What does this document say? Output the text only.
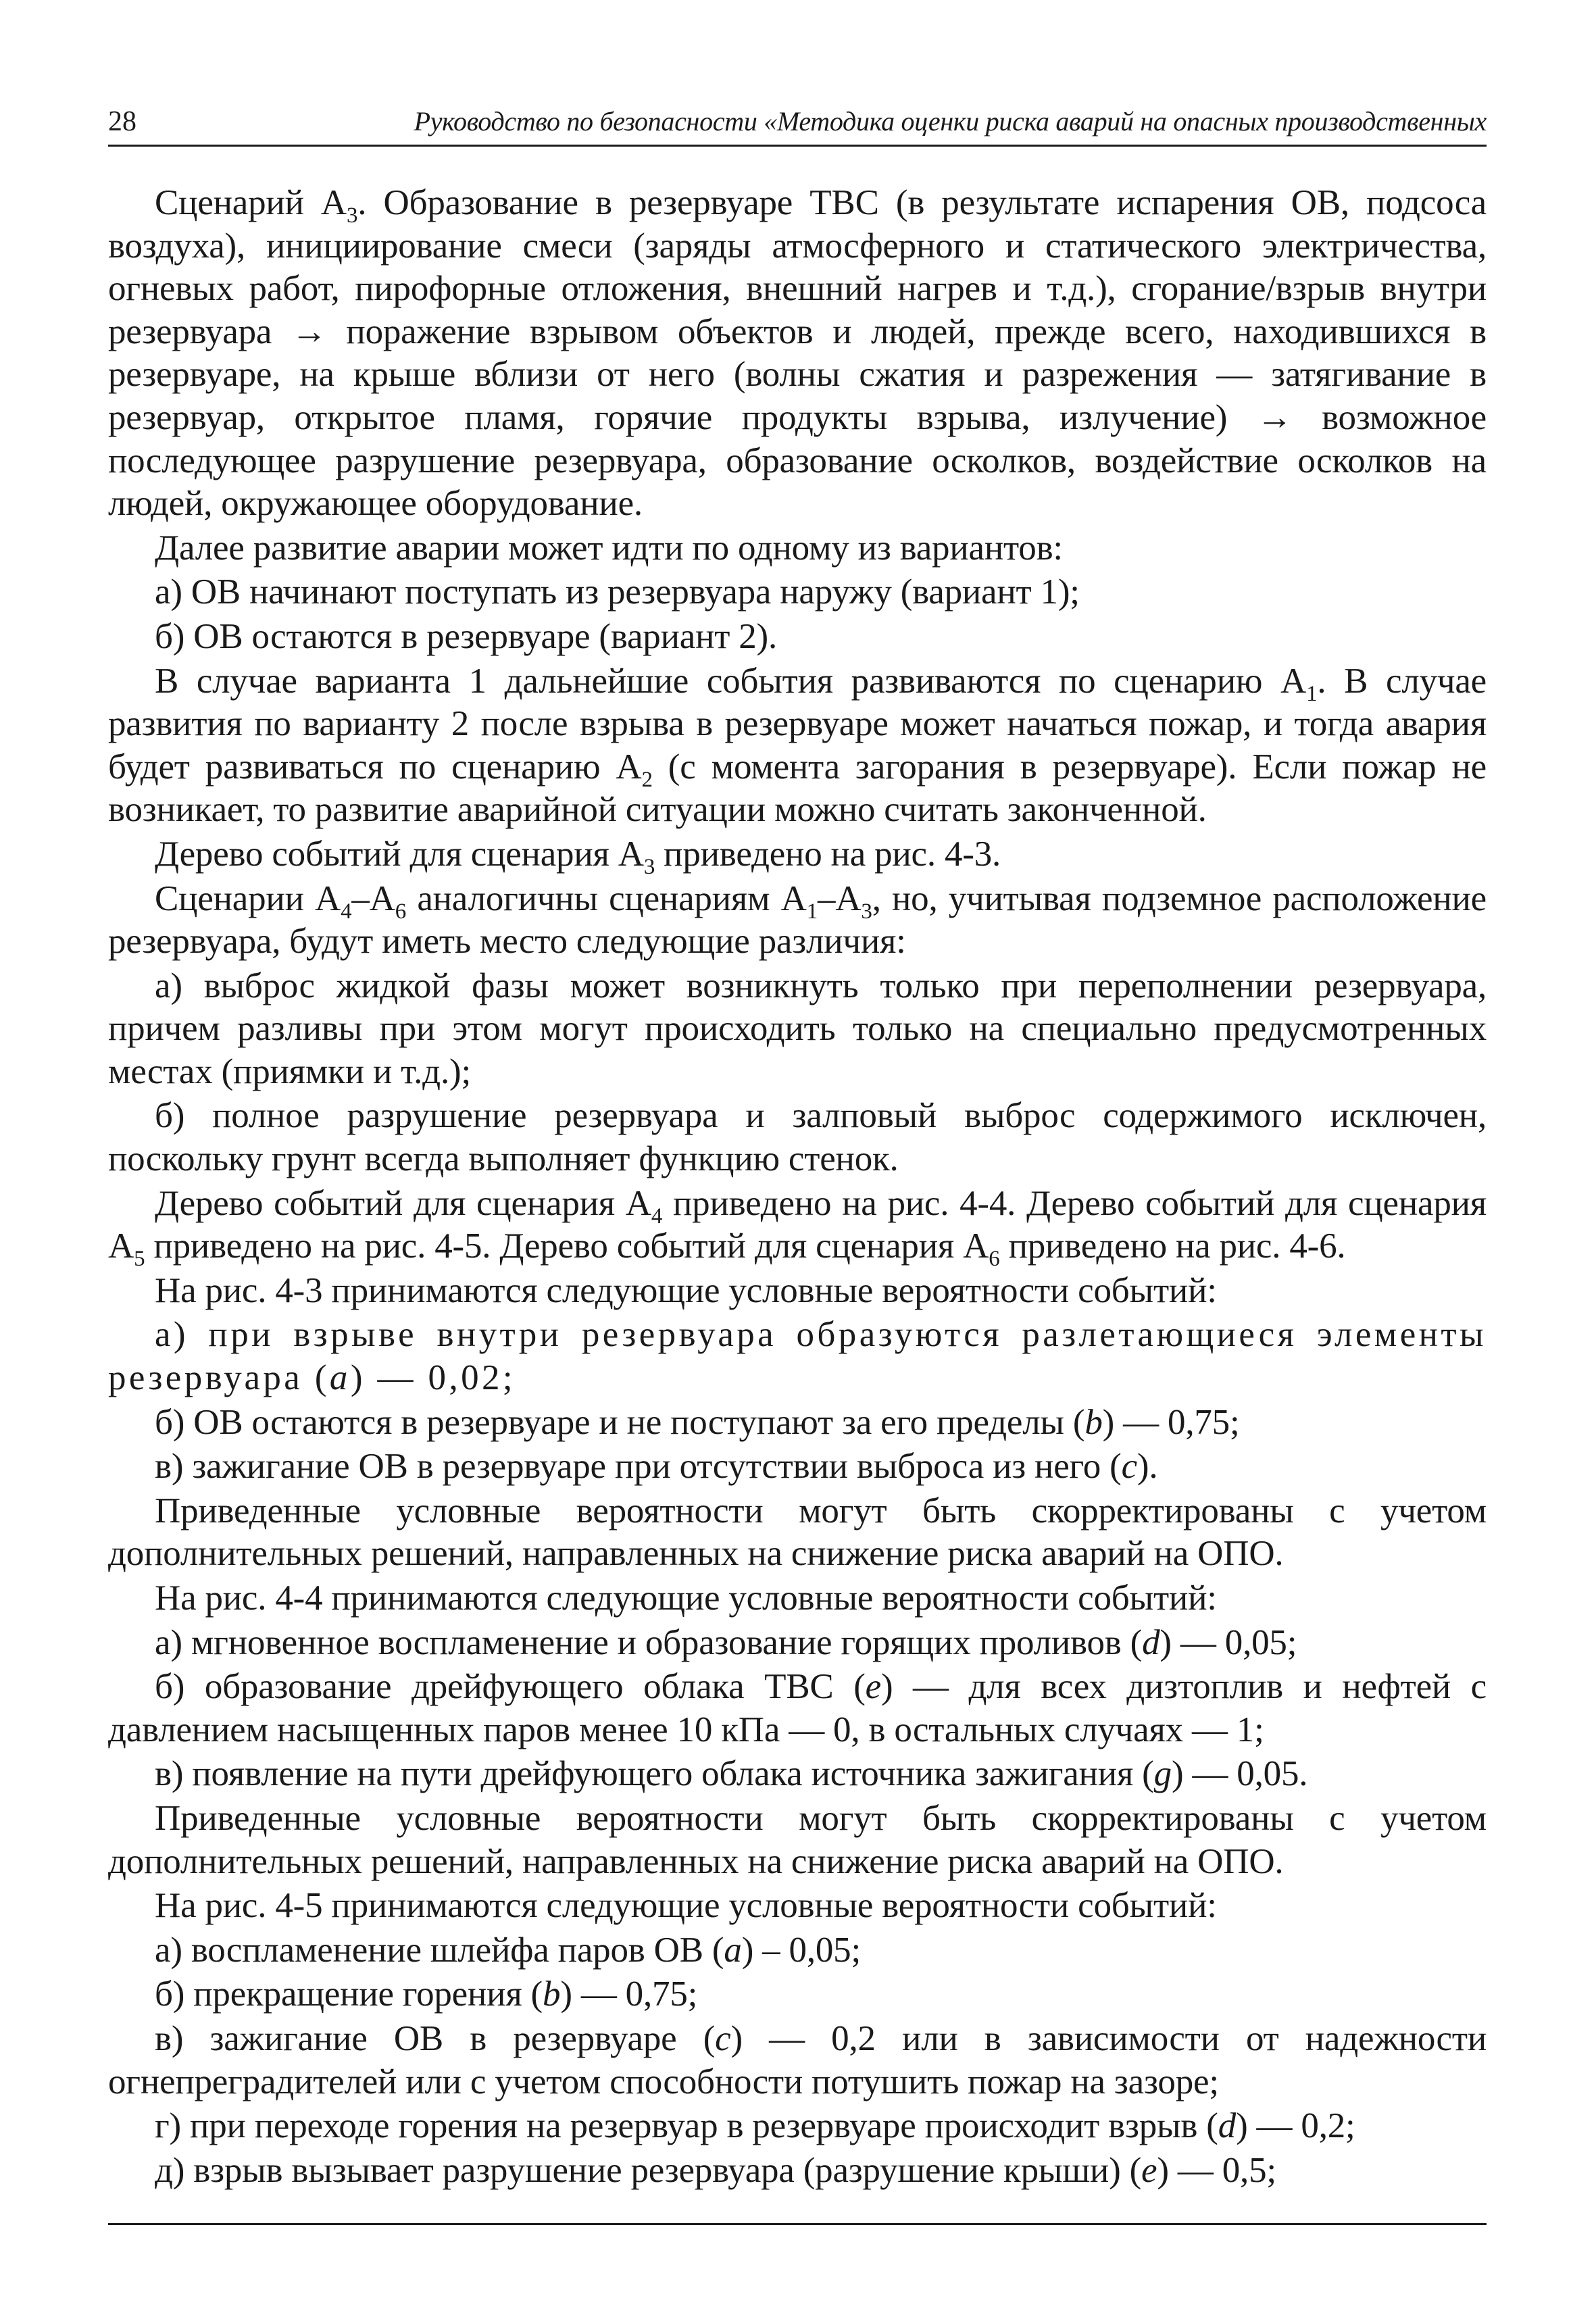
28	Руководство по безопасности «Методика оценки риска аварий на опасных производственных

Сценарий $А_3$. Образование в резервуаре ТВС (в результате испарения ОВ, подсоса воздуха), инициирование смеси (заряды атмосферного и статического электричества, огневых работ, пирофорные отложения, внешний нагрев и т.д.), сгорание/взрыв внутри резервуара → поражение взрывом объектов и людей, прежде всего, находившихся в резервуаре, на крыше вблизи от него (волны сжатия и разрежения — затягивание в резервуар, открытое пламя, горячие продукты взрыва, излучение) → возможное последующее разрушение резервуара, образование осколков, воздействие осколков на людей, окружающее оборудование.

Далее развитие аварии может идти по одному из вариантов:

а) ОВ начинают поступать из резервуара наружу (вариант 1);

б) ОВ остаются в резервуаре (вариант 2).

В случае варианта 1 дальнейшие события развиваются по сценарию $А_1$. В случае развития по варианту 2 после взрыва в резервуаре может начаться пожар, и тогда авария будет развиваться по сценарию $А_2$ (с момента загорания в резервуаре). Если пожар не возникает, то развитие аварийной ситуации можно считать законченной.

Дерево событий для сценария $А_3$ приведено на рис. 4-3.

Сценарии $А_4-А_6$ аналогичны сценариям $А_1-А_3$, но, учитывая подземное расположение резервуара, будут иметь место следующие различия:

а) выброс жидкой фазы может возникнуть только при переполнении резервуара, причем разливы при этом могут происходить только на специально предусмотренных местах (приямки и т.д.);

б) полное разрушение резервуара и залповый выброс содержимого исключен, поскольку грунт всегда выполняет функцию стенок.

Дерево событий для сценария $А_4$ приведено на рис. 4-4. Дерево событий для сценария $А_5$ приведено на рис. 4-5. Дерево событий для сценария $А_6$ приведено на рис. 4-6.

На рис. 4-3 принимаются следующие условные вероятности событий:

а) при взрыве внутри резервуара образуются разлетающиеся элементы резервуара (a) — 0,02;

б) ОВ остаются в резервуаре и не поступают за его пределы (b) — 0,75;

в) зажигание ОВ в резервуаре при отсутствии выброса из него (c).

Приведенные условные вероятности могут быть скорректированы с учетом дополнительных решений, направленных на снижение риска аварий на ОПО.

На рис. 4-4 принимаются следующие условные вероятности событий:

а) мгновенное воспламенение и образование горящих проливов (d) — 0,05;

б) образование дрейфующего облака ТВС (e) — для всех дизтоплив и нефтей с давлением насыщенных паров менее 10 кПа — 0, в остальных случаях — 1;

в) появление на пути дрейфующего облака источника зажигания (g) — 0,05.

Приведенные условные вероятности могут быть скорректированы с учетом дополнительных решений, направленных на снижение риска аварий на ОПО.

На рис. 4-5 принимаются следующие условные вероятности событий:

а) воспламенение шлейфа паров ОВ (a) – 0,05;

б) прекращение горения (b) — 0,75;

в) зажигание ОВ в резервуаре (c) — 0,2 или в зависимости от надежности огнепреградителей или с учетом способности потушить пожар на зазоре;

г) при переходе горения на резервуар в резервуаре происходит взрыв (d) — 0,2;

д) взрыв вызывает разрушение резервуара (разрушение крыши) (e) — 0,5;
